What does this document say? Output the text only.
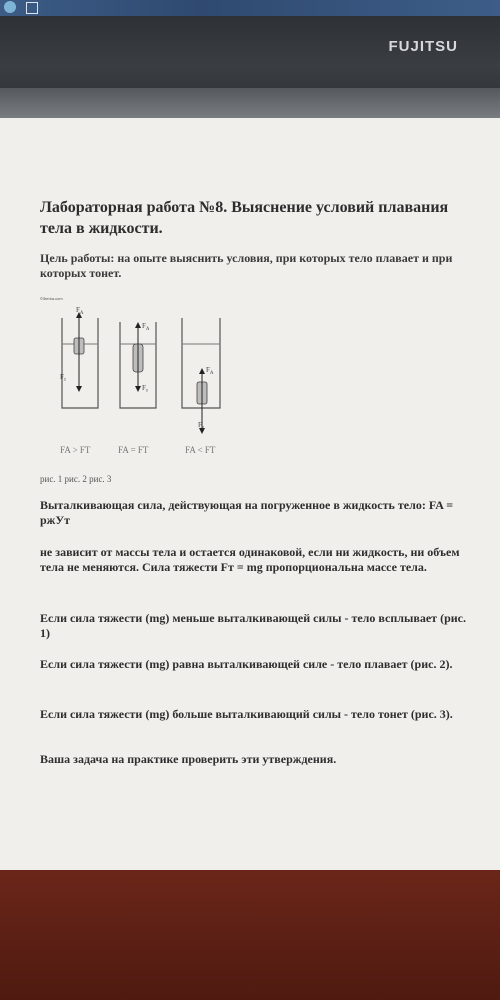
FUJITSU
Лабораторная работа №8. Выяснение условий плавания тела в жидкости.
Цель работы: на опыте выяснить условия, при которых тело плавает и при которых тонет.
©5terka.com
$F_A$
$F_т$
$F_A$
$F_т$
$F_A$
$F_т$
FA > FT	FA = FT	FA < FT
рис. 1 рис. 2 рис. 3
Выталкивающая сила, действующая на погруженное в жидкость тело: FA = pжУт
не зависит от массы тела и остается одинаковой, если ни жидкость, ни объем тела не меняются. Сила тяжести Fт = mg пропорциональна массе тела.
Если сила тяжести (mg) меньше выталкивающей силы - тело всплывает (рис. 1)
Если сила тяжести (mg) равна выталкивающей силе - тело плавает (рис. 2).
Если сила тяжести (mg) больше выталкивающий силы - тело тонет (рис. 3).
Ваша задача на практике проверить эти утверждения.
